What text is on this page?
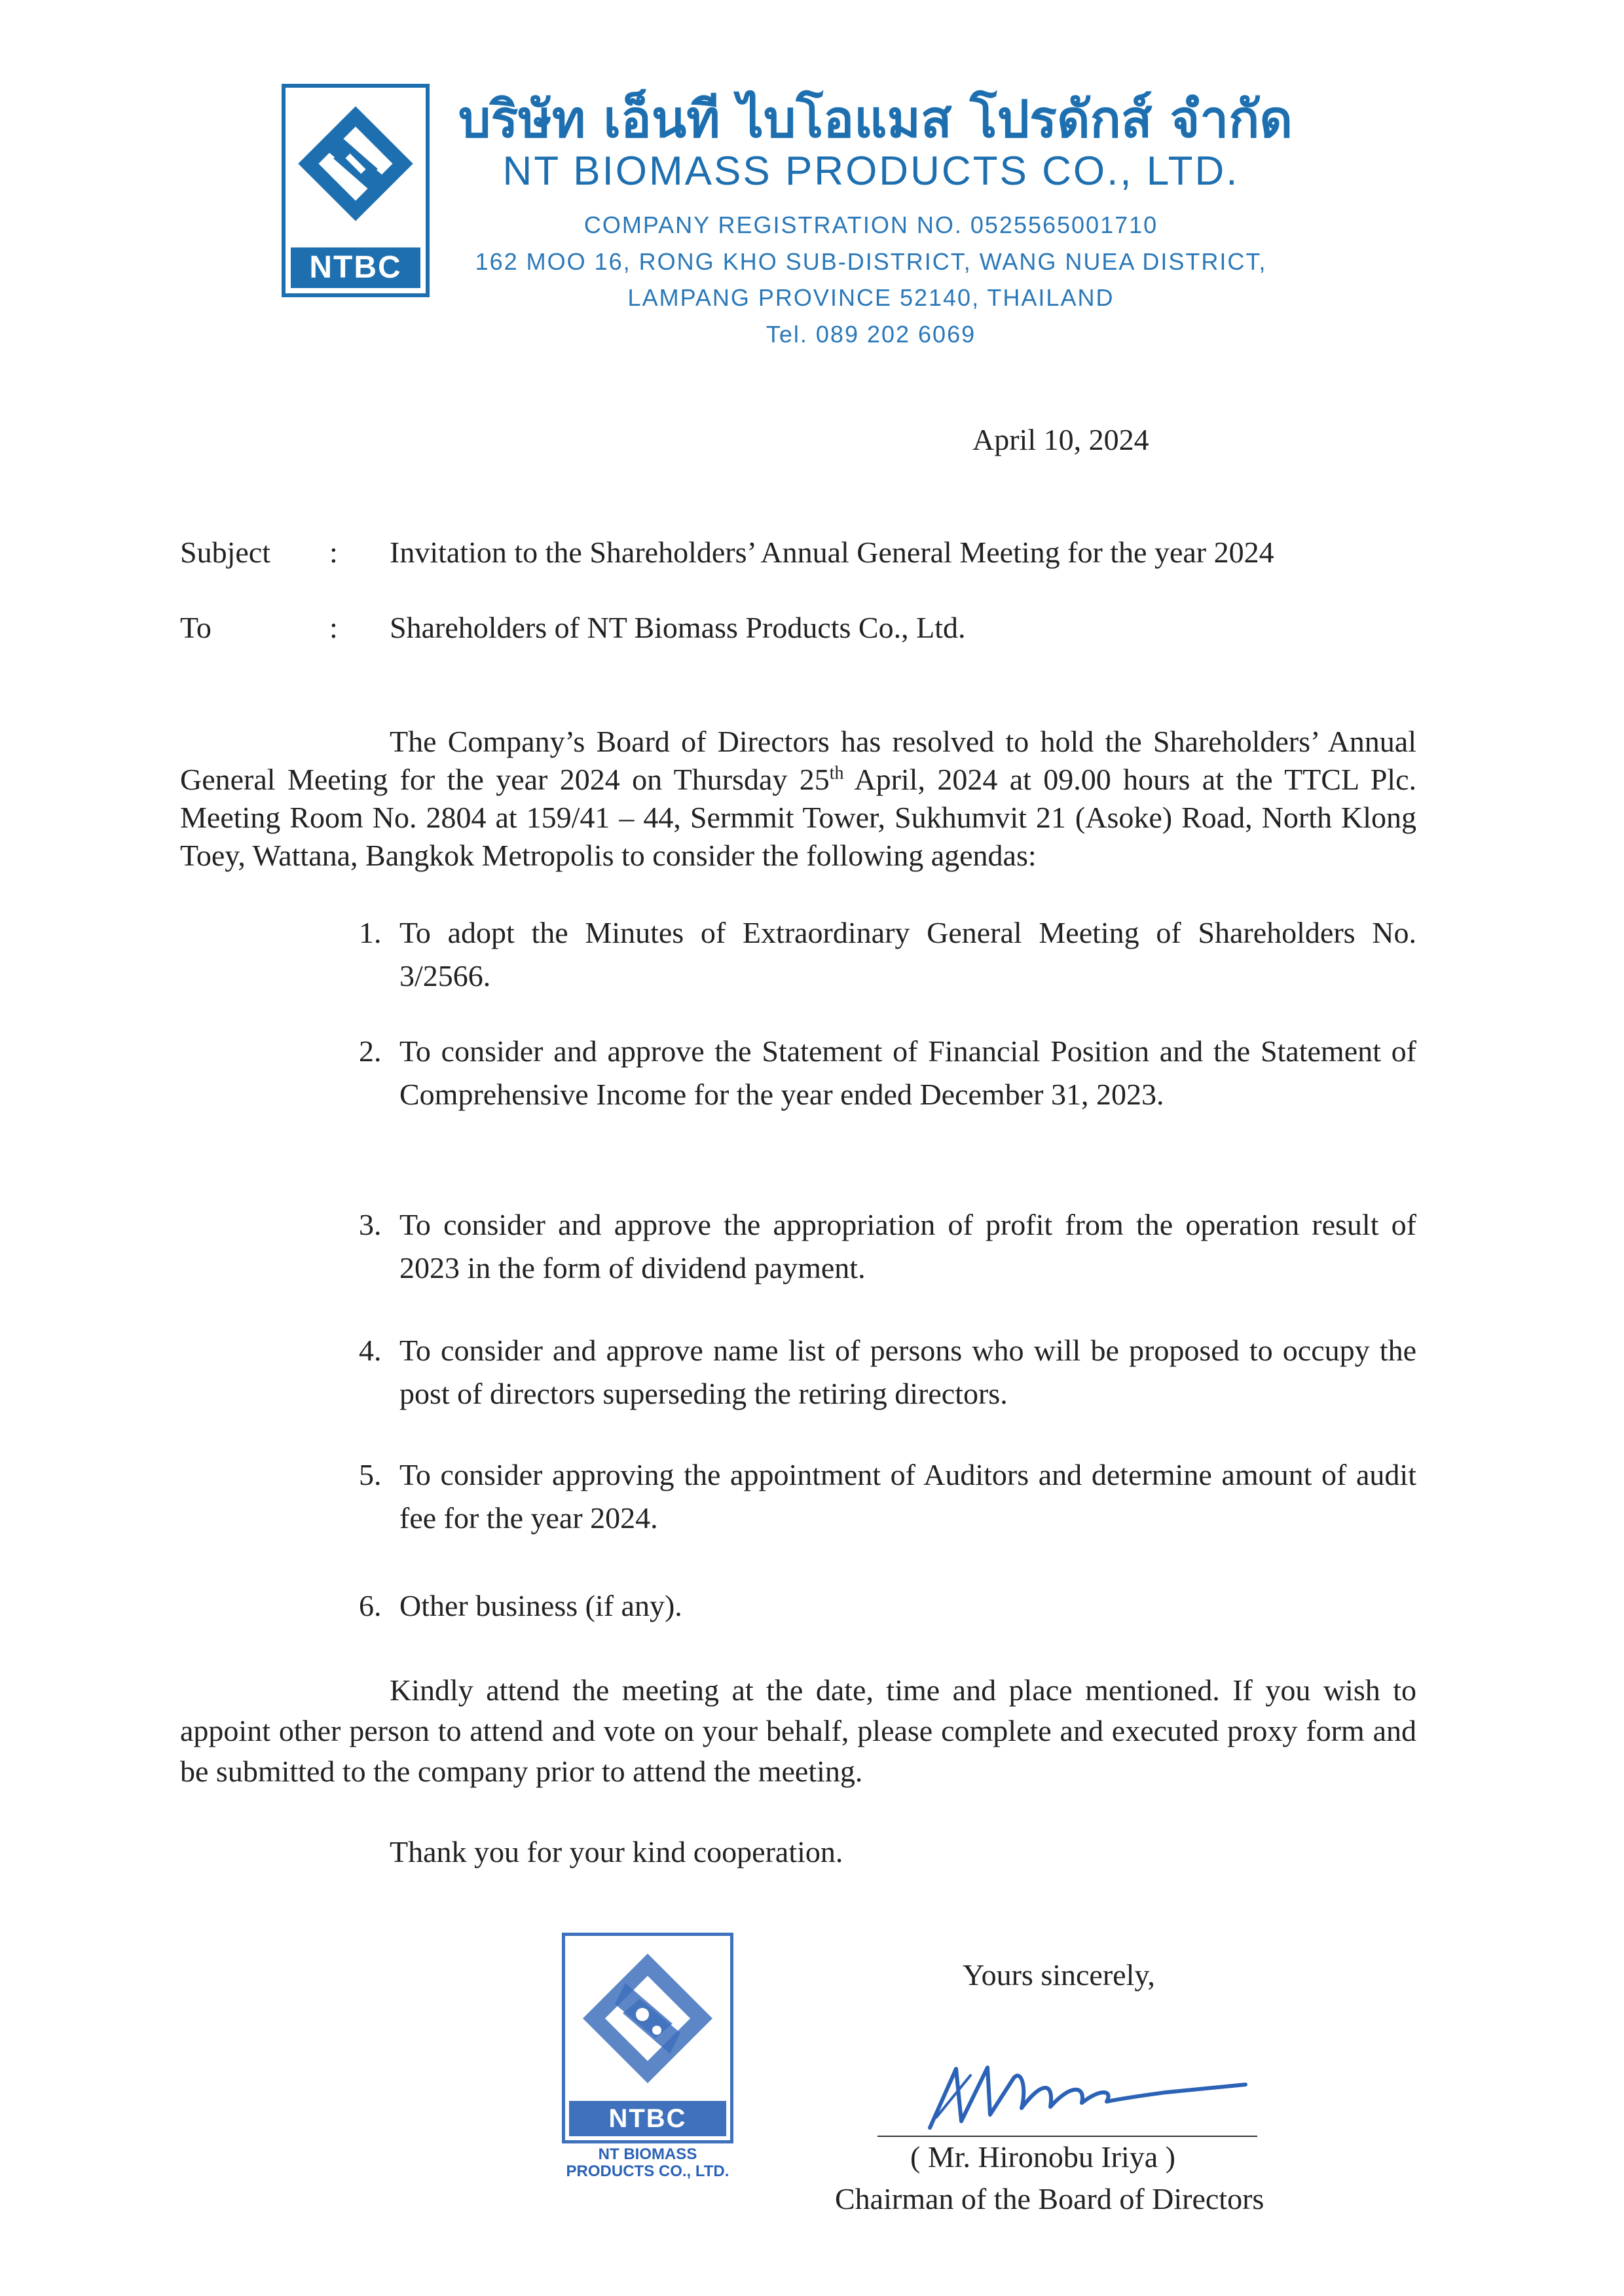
NTBC
บริษัท เอ็นที ไบโอแมส โปรดักส์ จำกัด
NT BIOMASS PRODUCTS CO., LTD.
COMPANY REGISTRATION NO. 0525565001710
162 MOO 16, RONG KHO SUB-DISTRICT, WANG NUEA DISTRICT,
LAMPANG PROVINCE 52140, THAILAND
Tel. 089 202 6069
April 10, 2024
Subject : Invitation to the Shareholders’ Annual General Meeting for the year 2024
To	: Shareholders of NT Biomass Products Co., Ltd.
The Company’s Board of Directors has resolved to hold the Shareholders’ Annual General Meeting for the year 2024 on Thursday 25th April, 2024 at 09.00 hours at the TTCL Plc. Meeting Room No. 2804 at 159/41 – 44, Sermmit Tower, Sukhumvit 21 (Asoke) Road, North Klong Toey, Wattana, Bangkok Metropolis to consider the following agendas:
1. To adopt the Minutes of Extraordinary General Meeting of Shareholders No. 3/2566.
2. To consider and approve the Statement of Financial Position and the Statement of Comprehensive Income for the year ended December 31, 2023.
3. To consider and approve the appropriation of profit from the operation result of 2023 in the form of dividend payment.
4. To consider and approve name list of persons who will be proposed to occupy the post of directors superseding the retiring directors.
5. To consider approving the appointment of Auditors and determine amount of audit fee for the year 2024.
6. Other business (if any).
Kindly attend the meeting at the date, time and place mentioned. If you wish to appoint other person to attend and vote on your behalf, please complete and executed proxy form and be submitted to the company prior to attend the meeting.
Thank you for your kind cooperation.
NTBC
NT BIOMASS
PRODUCTS CO., LTD.
Yours sincerely,
( Mr. Hironobu Iriya )
Chairman of the Board of Directors
